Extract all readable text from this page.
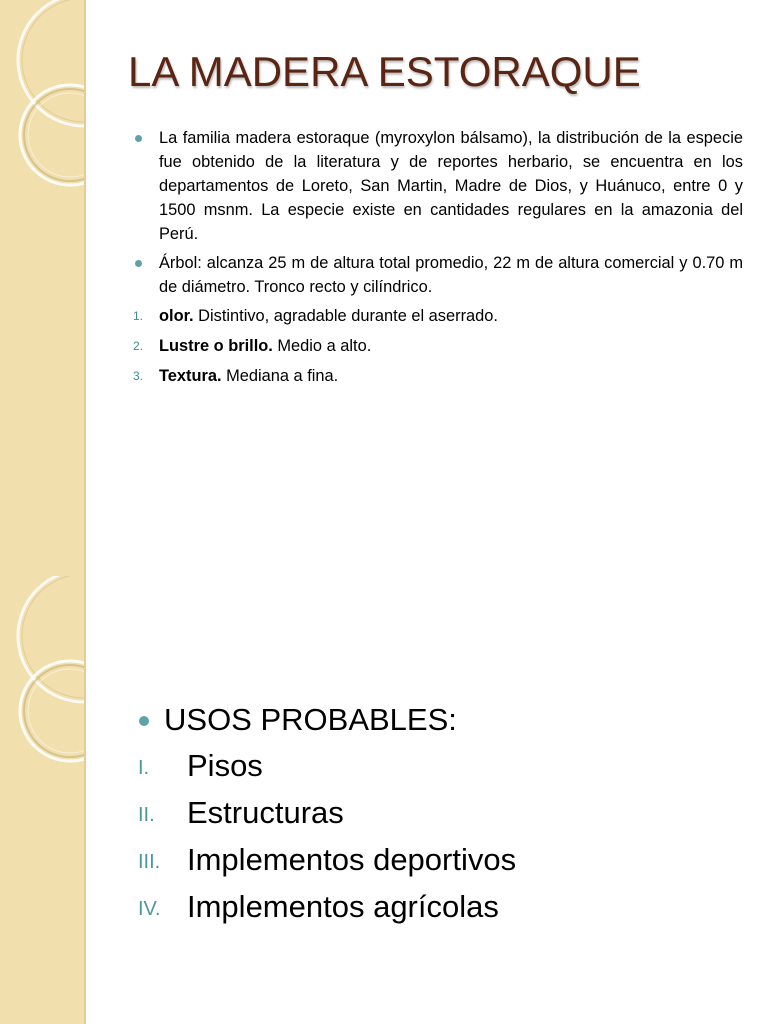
LA MADERA ESTORAQUE
La familia madera estoraque (myroxylon bálsamo), la distribución de la especie fue obtenido de la literatura y de reportes herbario, se encuentra en los departamentos de Loreto, San Martin, Madre de Dios, y Huánuco, entre 0 y 1500 msnm. La especie existe en cantidades regulares en la amazonia del Perú.
Árbol: alcanza 25 m de altura total promedio, 22 m de altura comercial y 0.70 m de diámetro. Tronco recto y cilíndrico.
1. olor. Distintivo, agradable durante el aserrado.
2. Lustre o brillo. Medio a alto.
3. Textura. Mediana a fina.
USOS PROBABLES:
I. Pisos
II. Estructuras
III. Implementos deportivos
IV. Implementos agrícolas
